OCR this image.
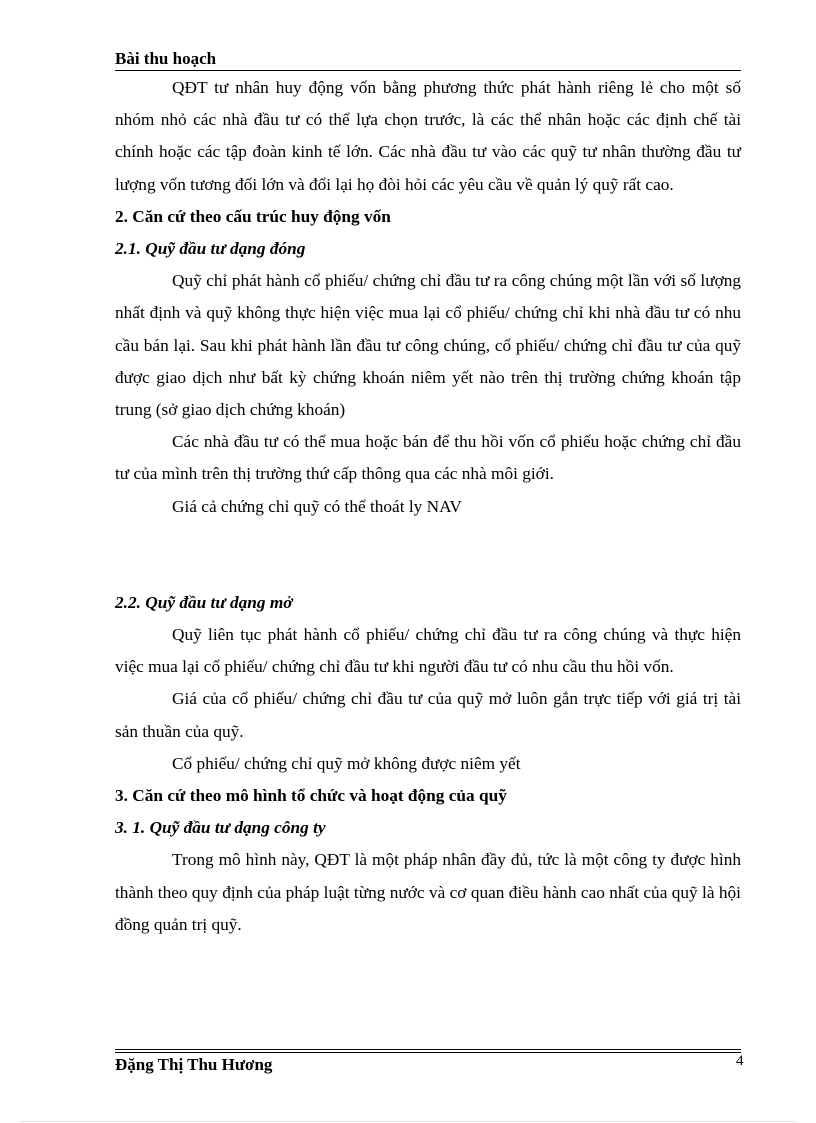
Bài thu hoạch

QĐT tư nhân huy động vốn bằng phương thức phát hành riêng lẻ cho một số nhóm nhỏ các nhà đầu tư có thể lựa chọn trước, là các thể nhân hoặc các định chế tài chính hoặc các tập đoàn kinh tế lớn. Các nhà đầu tư vào các quỹ tư nhân thường đầu tư lượng vốn tương đối lớn và đổi lại họ đòi hỏi các yêu cầu về quản lý quỹ rất cao.

2. Căn cứ theo cấu trúc huy động vốn

2.1. Quỹ đầu tư dạng đóng

Quỹ chỉ phát hành cổ phiếu/ chứng chỉ đầu tư ra công chúng một lần với số lượng nhất định và quỹ không thực hiện việc mua lại cổ phiếu/ chứng chỉ khi nhà đầu tư có nhu cầu bán lại. Sau khi phát hành lần đầu tư công chúng, cổ phiếu/ chứng chỉ đầu tư của quỹ được giao dịch như bất kỳ chứng khoán niêm yết nào trên thị trường chứng khoán tập trung (sở giao dịch chứng khoán)

Các nhà đầu tư có thể mua hoặc bán để thu hồi vốn cổ phiếu hoặc chứng chỉ đầu tư của mình trên thị trường thứ cấp thông qua các nhà môi giới.

Giá cả chứng chỉ quỹ có thể thoát ly NAV

2.2. Quỹ đầu tư dạng mở

Quỹ liên tục phát hành cổ phiếu/ chứng chỉ đầu tư ra công chúng và thực hiện việc mua lại cổ phiếu/ chứng chỉ đầu tư khi người đầu tư có nhu cầu thu hồi vốn.

Giá của cổ phiếu/ chứng chỉ đầu tư của quỹ mở luôn gắn trực tiếp với giá trị tài sản thuần của quỹ.

Cổ phiếu/ chứng chỉ quỹ mở không được niêm yết

3. Căn cứ theo mô hình tổ chức và hoạt động của quỹ

3. 1. Quỹ đầu tư dạng công ty

Trong mô hình này, QĐT là một pháp nhân đầy đủ, tức là một công ty được hình thành theo quy định của pháp luật từng nước và cơ quan điều hành cao nhất của quỹ là hội đồng quản trị quỹ.

Đặng Thị Thu Hương	4
